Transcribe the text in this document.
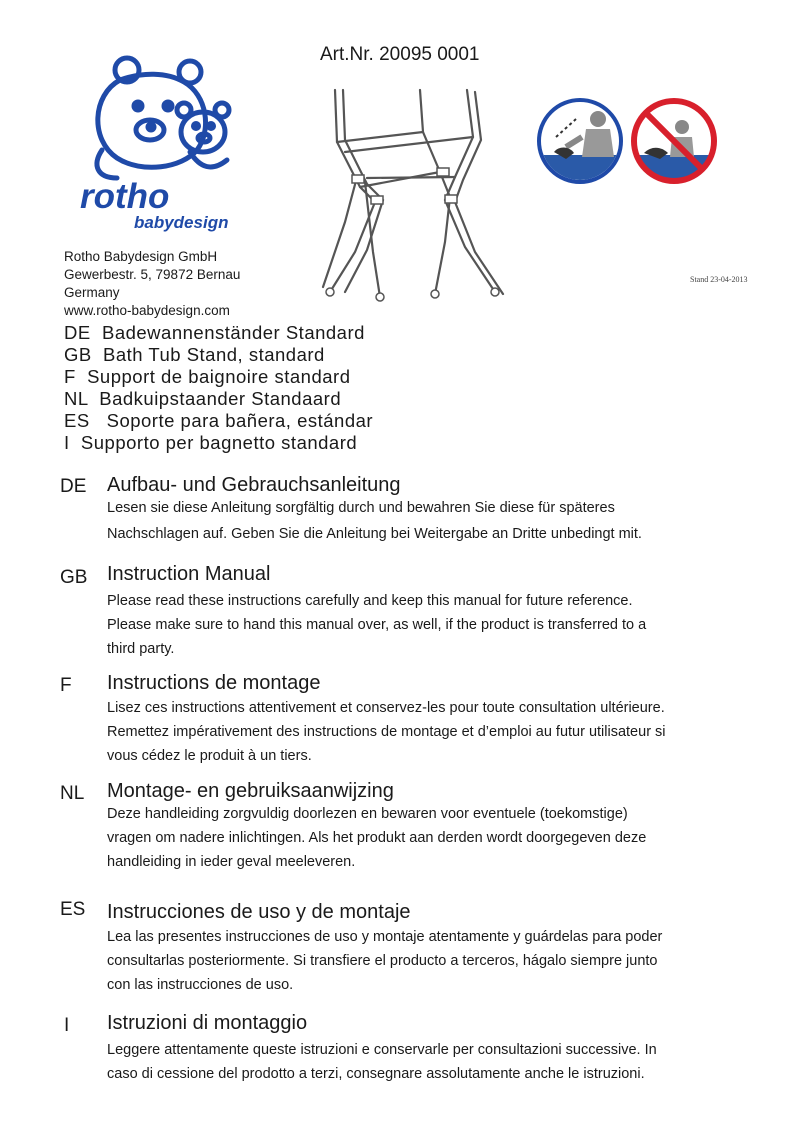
Art.Nr. 20095 0001
rotho
babydesign
Rotho Babydesign GmbH
Gewerbestr. 5, 79872 Bernau
Germany
www.rotho-babydesign.com
Stand 23-04-2013
DE  Badewannenständer Standard
GB  Bath Tub Stand, standard
F  Support de baignoire standard
NL  Badkuipstaander Standaard
ES   Soporte para bañera, estándar
I  Supporto per bagnetto standard
DE Aufbau- und Gebrauchsanleitung
Lesen sie diese Anleitung sorgfältig durch und bewahren Sie diese für späteres
Nachschlagen auf. Geben Sie die Anleitung bei Weitergabe an Dritte unbedingt mit.
GB Instruction Manual
Please read these instructions carefully and keep this manual for future reference.
Please make sure to hand this manual over, as well, if the product is transferred to a
third party.
F Instructions de montage
Lisez ces instructions attentivement et conservez-les pour toute consultation ultérieure.
Remettez impérativement des instructions de montage et d’emploi au futur utilisateur si
vous cédez le produit à un tiers.
NL Montage- en gebruiksaanwijzing
Deze handleiding zorgvuldig doorlezen en bewaren voor eventuele (toekomstige)
vragen om nadere inlichtingen. Als het produkt aan derden wordt doorgegeven deze
handleiding in ieder geval meeleveren.
ES Instrucciones de uso y de montaje
Lea las presentes instrucciones de uso y montaje atentamente y guárdelas para poder
consultarlas posteriormente. Si transfiere el producto a terceros, hágalo siempre junto
con las instrucciones de uso.
I Istruzioni di montaggio
Leggere attentamente queste istruzioni e conservarle per consultazioni successive. In
caso di cessione del prodotto a terzi, consegnare assolutamente anche le istruzioni.
